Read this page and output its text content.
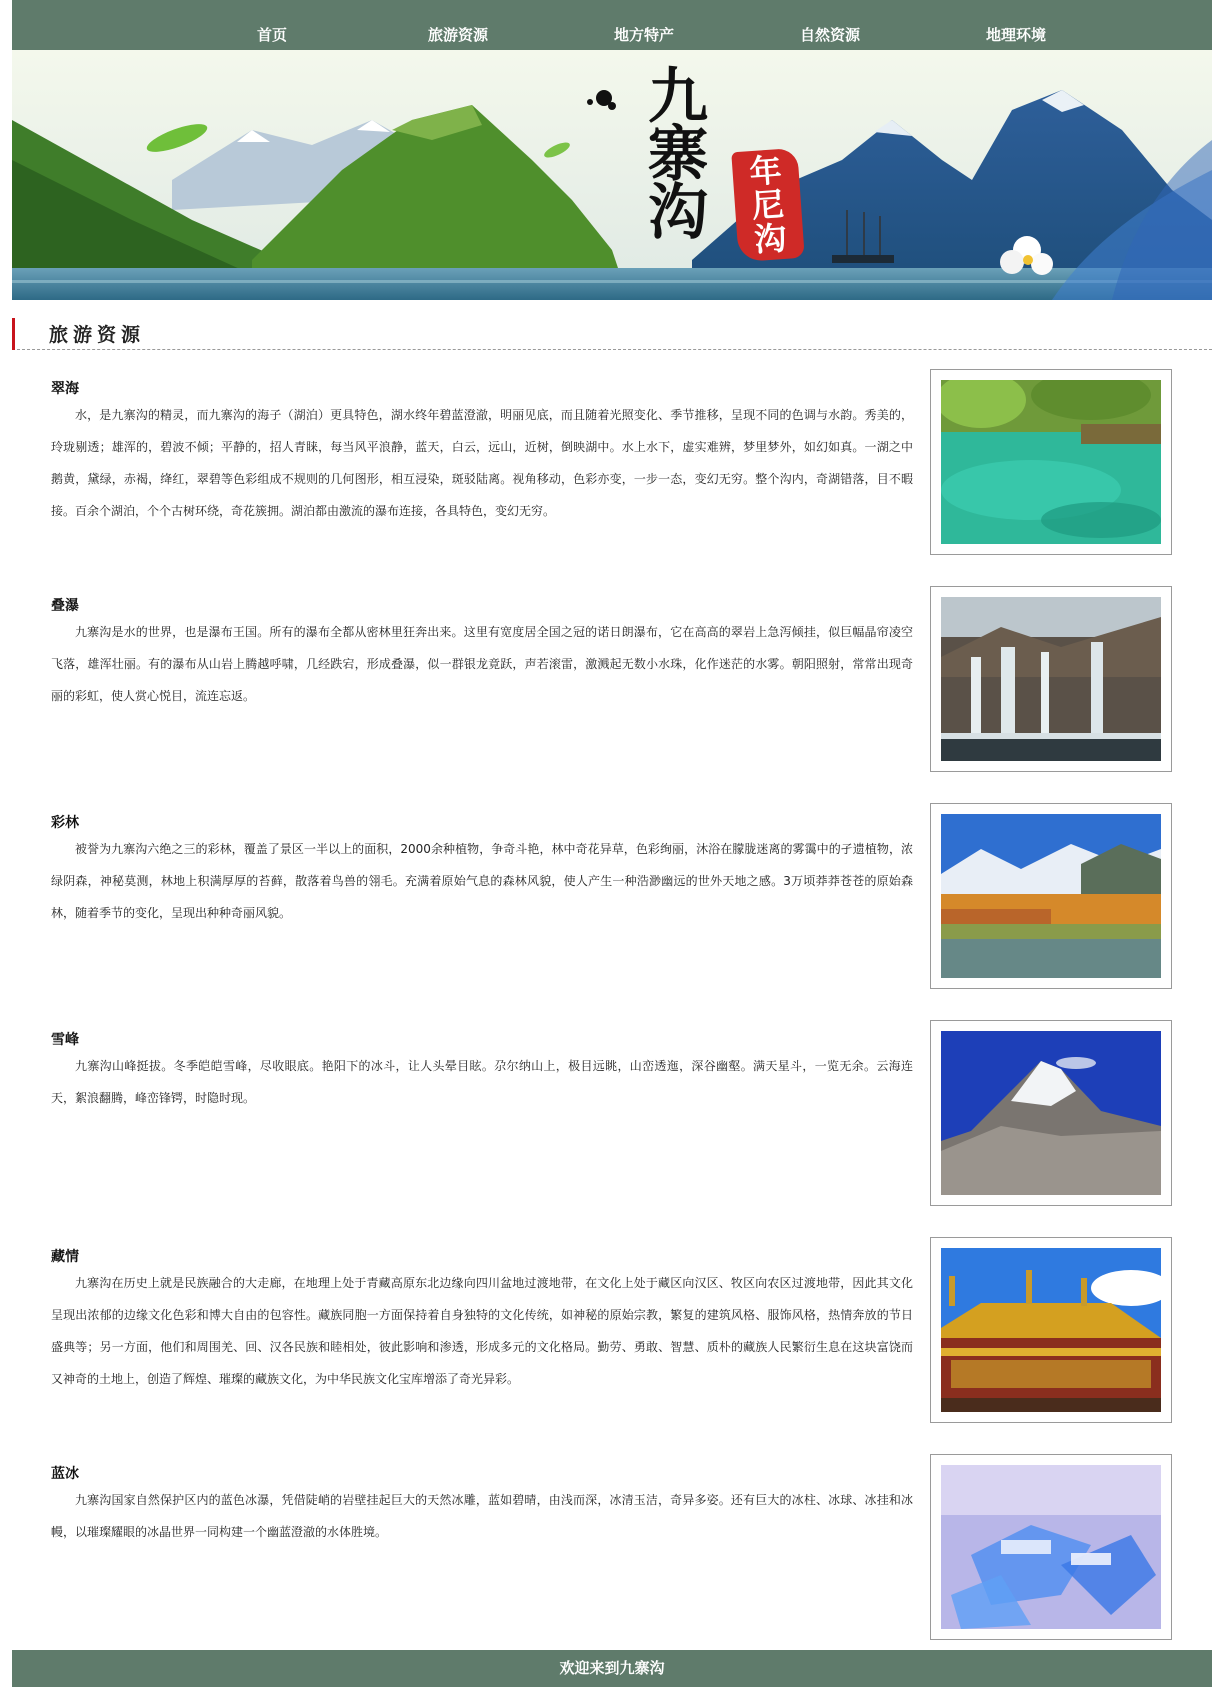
首页	旅游资源	地方特产	自然资源	地理环境
九
寨
沟
年
尼
沟
旅游资源
翠海

水，是九寨沟的精灵，而九寨沟的海子（湖泊）更具特色，湖水终年碧蓝澄澈，明丽见底，而且随着光照变化、季节推移，呈现不同的色调与水韵。秀美的，玲珑剔透；雄浑的，碧波不倾；平静的，招人青睐，每当风平浪静，蓝天，白云，远山，近树，倒映湖中。水上水下，虚实难辨，梦里梦外，如幻如真。一湖之中鹅黄，黛绿，赤褐，绛红，翠碧等色彩组成不规则的几何图形，相互浸染，斑驳陆离。视角移动，色彩亦变，一步一态，变幻无穷。整个沟内，奇湖错落，目不暇接。百余个湖泊，个个古树环绕，奇花簇拥。湖泊都由激流的瀑布连接，各具特色，变幻无穷。

叠瀑

九寨沟是水的世界，也是瀑布王国。所有的瀑布全都从密林里狂奔出来。这里有宽度居全国之冠的诺日朗瀑布，它在高高的翠岩上急泻倾挂，似巨幅晶帘凌空飞落，雄浑壮丽。有的瀑布从山岩上腾越呼啸，几经跌宕，形成叠瀑，似一群银龙竟跃，声若滚雷，激溅起无数小水珠，化作迷茫的水雾。朝阳照射，常常出现奇丽的彩虹，使人赏心悦目，流连忘返。

彩林

被誉为九寨沟六绝之三的彩林，覆盖了景区一半以上的面积，2000余种植物，争奇斗艳，林中奇花异草，色彩绚丽，沐浴在朦胧迷离的雾霭中的孑遗植物，浓绿阴森，神秘莫测，林地上积满厚厚的苔藓，散落着鸟兽的翎毛。充满着原始气息的森林风貌，使人产生一种浩渺幽远的世外天地之感。3万顷莽莽苍苍的原始森林，随着季节的变化，呈现出种种奇丽风貌。

雪峰

九寨沟山峰挺拔。冬季皑皑雪峰，尽收眼底。艳阳下的冰斗，让人头晕目眩。尕尔纳山上，极目远眺，山峦透迤，深谷幽壑。满天星斗，一览无余。云海连天，絮浪翻腾，峰峦锋锷，时隐时现。

藏情

九寨沟在历史上就是民族融合的大走廊，在地理上处于青藏高原东北边缘向四川盆地过渡地带，在文化上处于藏区向汉区、牧区向农区过渡地带，因此其文化呈现出浓郁的边缘文化色彩和博大自由的包容性。藏族同胞一方面保持着自身独特的文化传统，如神秘的原始宗教，繁复的建筑风格、服饰风格，热情奔放的节日盛典等；另一方面，他们和周围羌、回、汉各民族和睦相处，彼此影响和渗透，形成多元的文化格局。勤劳、勇敢、智慧、质朴的藏族人民繁衍生息在这块富饶而又神奇的土地上，创造了辉煌、璀璨的藏族文化，为中华民族文化宝库增添了奇光异彩。

蓝冰

九寨沟国家自然保护区内的蓝色冰瀑，凭借陡峭的岩壁挂起巨大的天然冰雕，蓝如碧晴，由浅而深，冰清玉洁，奇异多姿。还有巨大的冰柱、冰球、冰挂和冰幔，以璀璨耀眼的冰晶世界一同构建一个幽蓝澄澈的水体胜境。

欢迎来到九寨沟
